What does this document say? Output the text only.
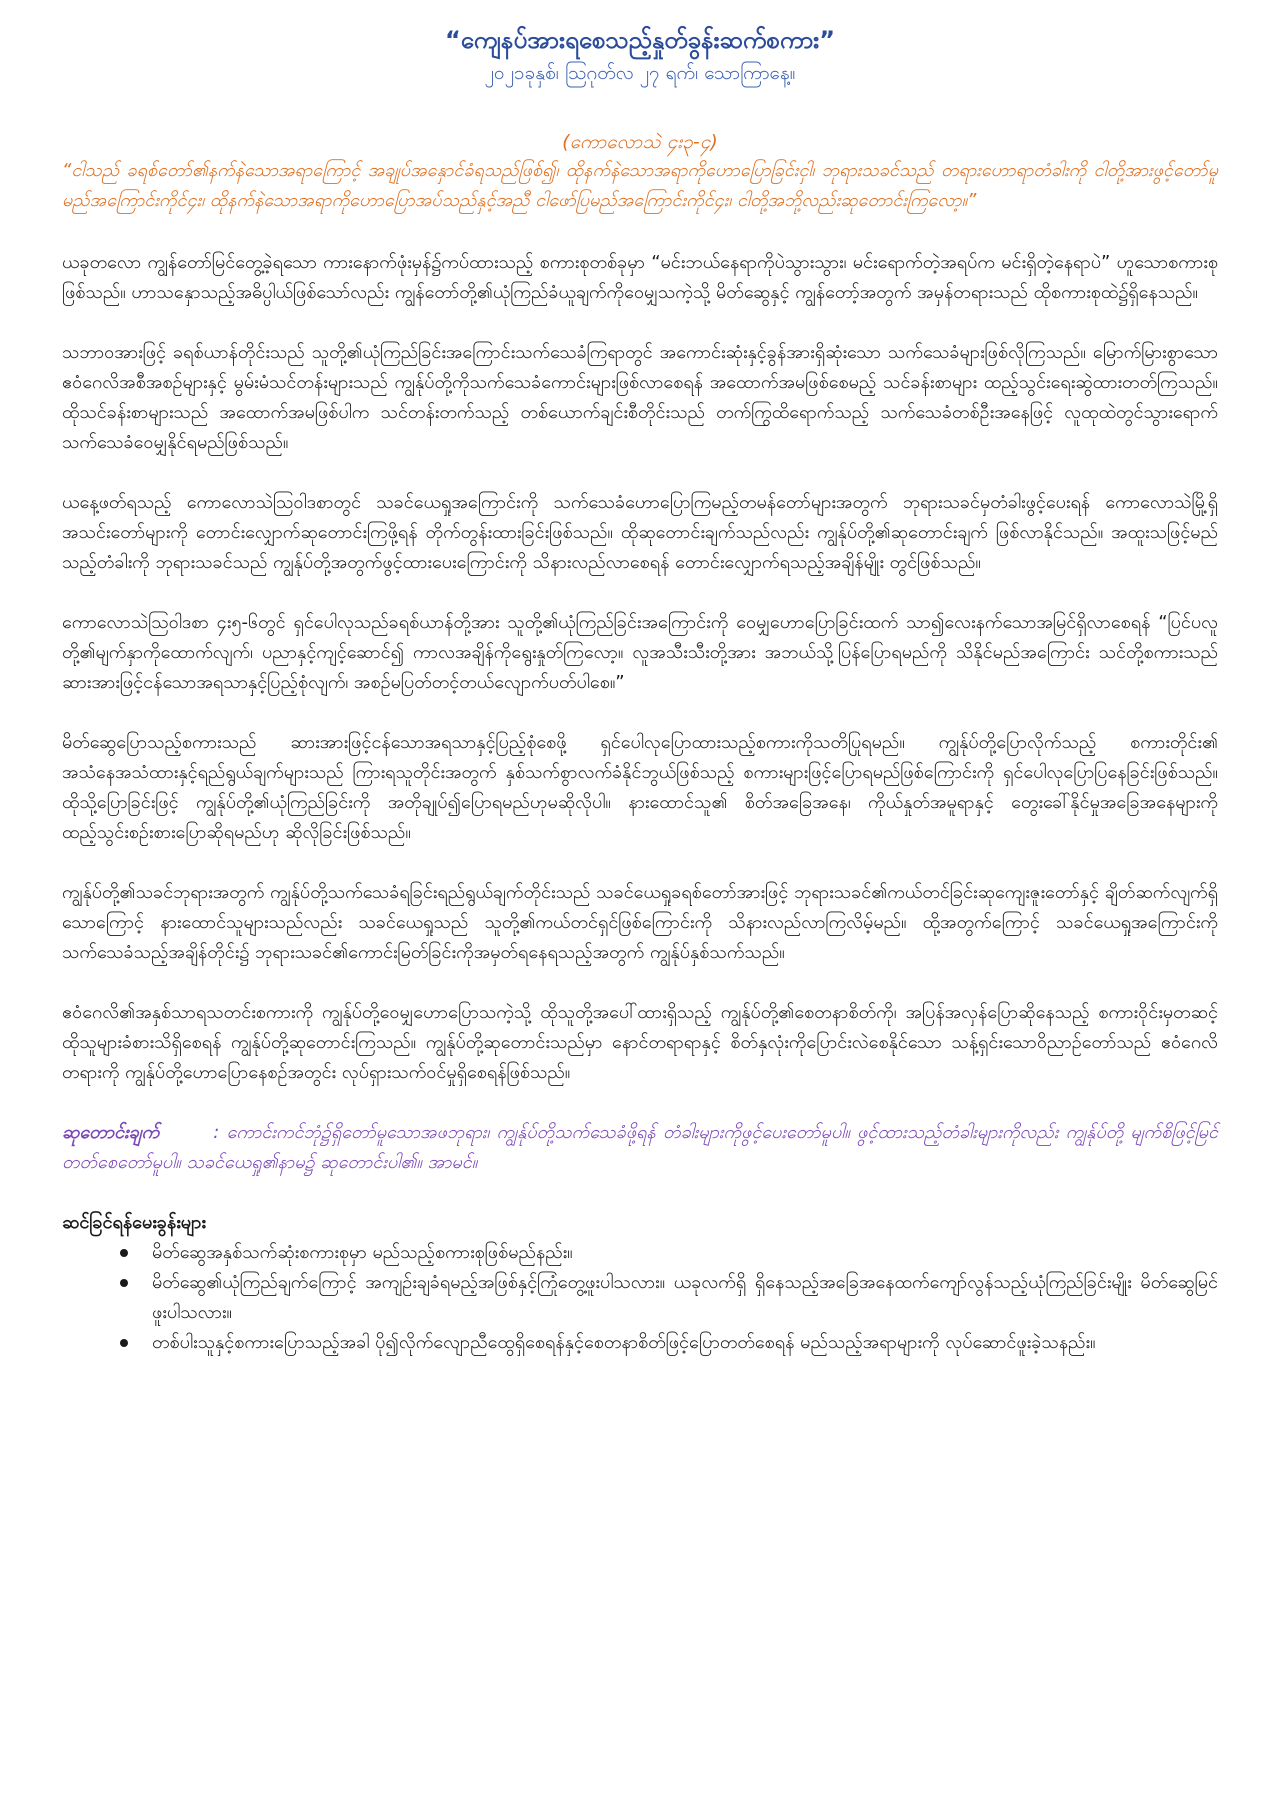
“ကျေနပ်အားရစေသည့်နှုတ်ခွန်းဆက်စကား”

၂၀၂၁ခုနှစ်၊ ဩဂုတ်လ ၂၇ ရက်၊ သောကြာနေ့။

(ကောလောသဲ ၄း၃-၄)

“ငါသည် ခရစ်တော်၏နက်နဲသောအရာကြောင့် အချုပ်အနှောင်ခံရသည်ဖြစ်၍၊ ထိုနက်နဲသောအရာကိုဟောပြောခြင်းငှါ၊ ဘုရားသခင်သည် တရားဟောရာတံခါးကို ငါတို့အားဖွင့်တော်မူမည်အကြောင်းကိုင်၄း၊ ထိုနက်နဲသောအရာကိုဟောပြောအပ်သည်နှင့်အညီ ငါဖော်ပြမည်အကြောင်းကိုင်၄း၊ ငါတို့အဘို့လည်းဆုတောင်းကြလော့။”

ယခုတလော ကျွန်တော်မြင်တွေ့ခဲ့ရသော ကားနောက်ဖုံးမှန်၌ကပ်ထားသည့် စကားစုတစ်ခုမှာ “မင်းဘယ်နေရာကိုပဲသွားသွား၊ မင်းရောက်တဲ့အရပ်က မင်းရှိတဲ့နေရာပဲ” ဟူသောစကားစုဖြစ်သည်။ ဟာသနှောသည့်အဓိပ္ပါယ်ဖြစ်သော်လည်း ကျွန်တော်တို့၏ယုံကြည်ခံယူချက်ကိုဝေမျှသကဲ့သို့ မိတ်ဆွေနှင့် ကျွန်တော့်အတွက် အမှန်တရားသည် ထိုစကားစုထဲ၌ရှိနေသည်။

သဘာဝအားဖြင့် ခရစ်ယာန်တိုင်းသည် သူတို့၏ယုံကြည်ခြင်းအကြောင်းသက်သေခံကြရာတွင် အကောင်းဆုံးနှင့်ခွန်အားရှိဆုံးသော သက်သေခံများဖြစ်လိုကြသည်။ မြောက်မြားစွာသောဧဝံဂေလိအစီအစဉ်များနှင့် မွမ်းမံသင်တန်းများသည် ကျွန်ုပ်တို့ကိုသက်သေခံကောင်းများဖြစ်လာစေရန် အထောက်အမဖြစ်စေမည့် သင်ခန်းစာများ ထည့်သွင်းရေးဆွဲထားတတ်ကြသည်။ ထိုသင်ခန်းစာများသည် အထောက်အမဖြစ်ပါက သင်တန်းတက်သည့် တစ်ယောက်ချင်းစီတိုင်းသည် တက်ကြွထိရောက်သည့် သက်သေခံတစ်ဦးအနေဖြင့် လူထုထဲတွင်သွားရောက်သက်သေခံဝေမျှနိုင်ရမည်ဖြစ်သည်။

ယနေ့ဖတ်ရသည့် ကောလောသဲဩဝါဒစာတွင် သခင်ယေရှုအကြောင်းကို သက်သေခံဟောပြောကြမည့်တမန်တော်များအတွက် ဘုရားသခင်မှတံခါးဖွင့်ပေးရန် ကောလောသဲမြို့ရှိအသင်းတော်များကို တောင်းလျှောက်ဆုတောင်းကြဖို့ရန် တိုက်တွန်းထားခြင်းဖြစ်သည်။ ထိုဆုတောင်းချက်သည်လည်း ကျွန်ုပ်တို့၏ဆုတောင်းချက် ဖြစ်လာနိုင်သည်။ အထူးသဖြင့်မည်သည့်တံခါးကို ဘုရားသခင်သည် ကျွန်ုပ်တို့အတွက်ဖွင့်ထားပေးကြောင်းကို သိနားလည်လာစေရန် တောင်းလျှောက်ရသည့်အချိန်မျိုး တွင်ဖြစ်သည်။

ကောလောသဲဩဝါဒစာ ၄း၅-၆တွင် ရှင်ပေါလုသည်ခရစ်ယာန်တို့အား သူတို့၏ယုံကြည်ခြင်းအကြောင်းကို ဝေမျှဟောပြောခြင်းထက် သာ၍လေးနက်သောအမြင်ရှိလာစေရန် “ပြင်ပလူတို့၏မျက်နှာကိုထောက်လျက်၊ ပညာနှင့်ကျင့်ဆောင်၍ ကာလအချိန်ကိုရွေးနှုတ်ကြလော့။ လူအသီးသီးတို့အား အဘယ်သို့ပြန်ပြောရမည်ကို သိနိုင်မည်အကြောင်း သင်တို့စကားသည် ဆားအားဖြင့်ငန်သောအရသာနှင့်ပြည့်စုံလျက်၊ အစဉ်မပြတ်တင့်တယ်လျောက်ပတ်ပါစေ။”

မိတ်ဆွေပြောသည့်စကားသည် ဆားအားဖြင့်ငန်သောအရသာနှင့်ပြည့်စုံစေဖို့ ရှင်ပေါလုပြောထားသည့်စကားကိုသတိပြုရမည်။ ကျွန်ုပ်တို့ပြောလိုက်သည့် စကားတိုင်း၏ အသံနေအသံထားနှင့်ရည်ရွယ်ချက်များသည် ကြားရသူတိုင်းအတွက် နှစ်သက်စွာလက်ခံနိုင်ဘွယ်ဖြစ်သည့် စကားများဖြင့်ပြောရမည်ဖြစ်ကြောင်းကို ရှင်ပေါလုပြောပြနေခြင်းဖြစ်သည်။ ထိုသို့ပြောခြင်းဖြင့် ကျွန်ုပ်တို့၏ယုံကြည်ခြင်းကို အတိုချုပ်၍ပြောရမည်ဟုမဆိုလိုပါ။ နားထောင်သူ၏ စိတ်အခြေအနေ၊ ကိုယ်နှုတ်အမူရာနှင့် တွေးခေါ်နိုင်မှုအခြေအနေများကို ထည့်သွင်းစဉ်းစားပြောဆိုရမည်ဟု ဆိုလိုခြင်းဖြစ်သည်။

ကျွန်ုပ်တို့၏သခင်ဘုရားအတွက် ကျွန်ုပ်တို့သက်သေခံရခြင်းရည်ရွယ်ချက်တိုင်းသည် သခင်ယေရှုခရစ်တော်အားဖြင့် ဘုရားသခင်၏ကယ်တင်ခြင်းဆုကျေးဇူးတော်နှင့် ချိတ်ဆက်လျက်ရှိသောကြောင့် နားထောင်သူများသည်လည်း သခင်ယေရှုသည် သူတို့၏ကယ်တင်ရှင်ဖြစ်ကြောင်းကို သိနားလည်လာကြလိမ့်မည်။ ထို့အတွက်ကြောင့် သခင်ယေရှုအကြောင်းကို သက်သေခံသည့်အချိန်တိုင်း၌ ဘုရားသခင်၏ကောင်းမြတ်ခြင်းကိုအမှတ်ရနေရသည့်အတွက် ကျွန်ုပ်နှစ်သက်သည်။

ဧဝံဂေလိ၏အနှစ်သာရသတင်းစကားကို ကျွန်ုပ်တို့ဝေမျှဟောပြောသကဲ့သို့ ထိုသူတို့အပေါ်ထားရှိသည့် ကျွန်ုပ်တို့၏စေတနာစိတ်ကို၊ အပြန်အလှန်ပြောဆိုနေသည့် စကားဝိုင်းမှတဆင့် ထိုသူများခံစားသိရှိစေရန် ကျွန်ုပ်တို့ဆုတောင်းကြသည်။ ကျွန်ုပ်တို့ဆုတောင်းသည်မှာ နောင်တရာရာနှင့် စိတ်နှလုံးကိုပြောင်းလဲစေနိုင်သော သန့်ရှင်းသောဝိညာဉ်တော်သည် ဧဝံဂေလိတရားကို ကျွန်ုပ်တို့ဟောပြောနေစဉ်အတွင်း လုပ်ရှားသက်ဝင်မှုရှိစေရန်ဖြစ်သည်။

ဆုတောင်းချက်	: ကောင်းကင်ဘုံ၌ရှိတော်မူသောအဖဘုရား၊ ကျွန်ုပ်တို့သက်သေခံဖို့ရန် တံခါးများကိုဖွင့်ပေးတော်မူပါ။ ဖွင့်ထားသည့်တံခါးများကိုလည်း ကျွန်ုပ်တို့ မျက်စိဖြင့်မြင်တတ်စေတော်မူပါ။ သခင်ယေရှု၏နာမ၌ ဆုတောင်းပါ၏။ အာမင်။
ဆင်ခြင်ရန်မေးခွန်းများ
မိတ်ဆွေအနှစ်သက်ဆုံးစကားစုမှာ မည်သည့်စကားစုဖြစ်မည်နည်း။
မိတ်ဆွေ၏ယုံကြည်ချက်ကြောင့် အကျဉ်းချခံရမည့်အဖြစ်နှင့်ကြုံတွေ့ဖူးပါသလား။ ယခုလက်ရှိ ရှိနေသည့်အခြေအနေထက်ကျော်လွန်သည့်ယုံကြည်ခြင်းမျိုး မိတ်ဆွေမြင်ဖူးပါသလား။
တစ်ပါးသူနှင့်စကားပြောသည့်အခါ ပို၍လိုက်လျောညီထွေရှိစေရန်နှင့်စေတနာစိတ်ဖြင့်ပြောတတ်စေရန် မည်သည့်အရာများကို လုပ်ဆောင်ဖူးခဲ့သနည်း။
